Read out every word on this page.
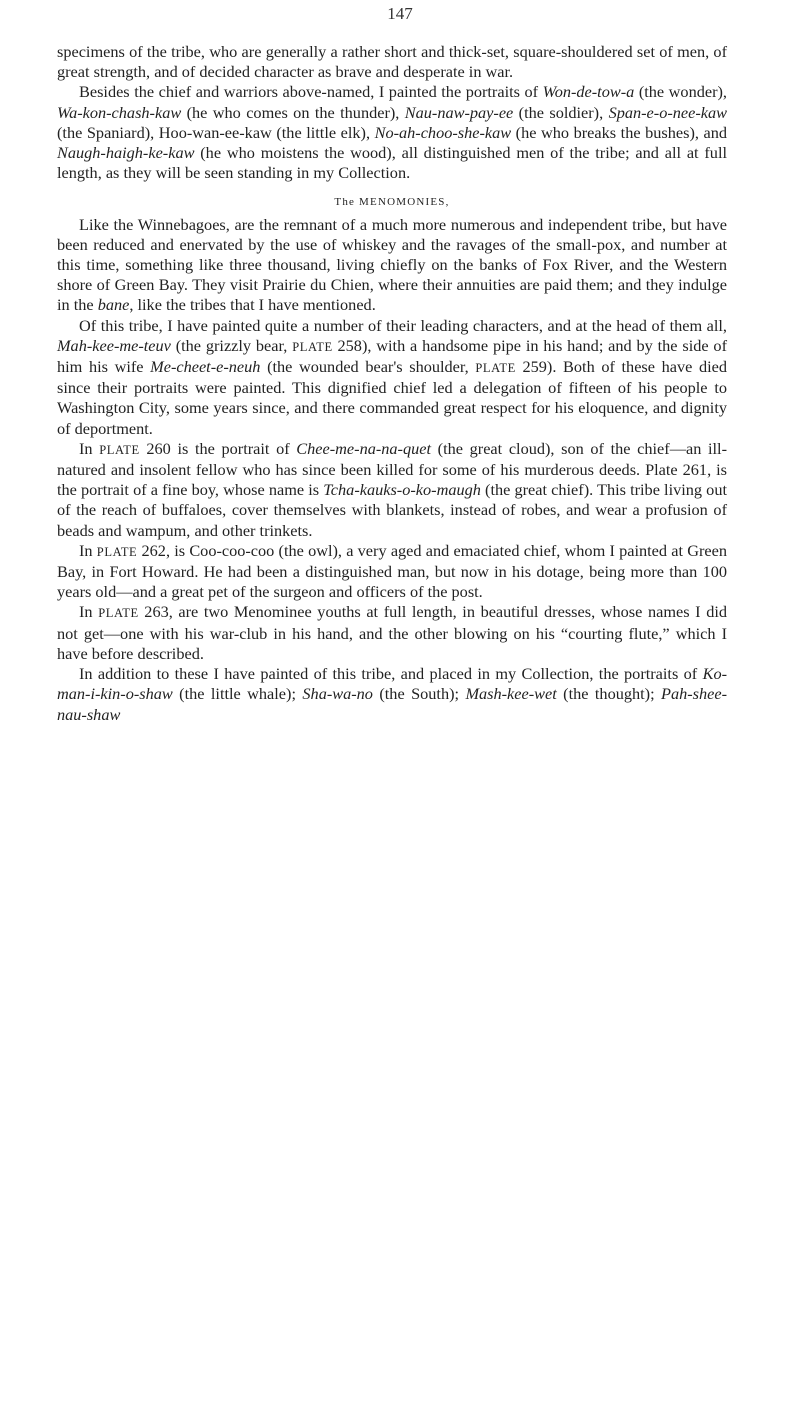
147

specimens of the tribe, who are generally a rather short and thick-set, square-shouldered set of men, of great strength, and of decided character as brave and desperate in war.

Besides the chief and warriors above-named, I painted the portraits of Won-de-tow-a (the wonder), Wa-kon-chash-kaw (he who comes on the thunder), Nau-naw-pay-ee (the soldier), Span-e-o-nee-kaw (the Spaniard), Hoo-wan-ee-kaw (the little elk), No-ah-choo-she-kaw (he who breaks the bushes), and Naugh-haigh-ke-kaw (he who moistens the wood), all distinguished men of the tribe; and all at full length, as they will be seen standing in my Collection.

The MENOMONIES,

Like the Winnebagoes, are the remnant of a much more numerous and independent tribe, but have been reduced and enervated by the use of whiskey and the ravages of the small-pox, and number at this time, something like three thousand, living chiefly on the banks of Fox River, and the Western shore of Green Bay. They visit Prairie du Chien, where their annuities are paid them; and they indulge in the bane, like the tribes that I have mentioned.

Of this tribe, I have painted quite a number of their leading characters, and at the head of them all, Mah-kee-me-teuv (the grizzly bear, PLATE 258), with a handsome pipe in his hand; and by the side of him his wife Me-cheet-e-neuh (the wounded bear's shoulder, PLATE 259). Both of these have died since their portraits were painted. This dignified chief led a delegation of fifteen of his people to Washington City, some years since, and there commanded great respect for his eloquence, and dignity of deportment.

In PLATE 260 is the portrait of Chee-me-na-na-quet (the great cloud), son of the chief—an ill-natured and insolent fellow who has since been killed for some of his murderous deeds. Plate 261, is the portrait of a fine boy, whose name is Tcha-kauks-o-ko-maugh (the great chief). This tribe living out of the reach of buffaloes, cover themselves with blankets, instead of robes, and wear a profusion of beads and wampum, and other trinkets.

In PLATE 262, is Coo-coo-coo (the owl), a very aged and emaciated chief, whom I painted at Green Bay, in Fort Howard. He had been a distinguished man, but now in his dotage, being more than 100 years old—and a great pet of the surgeon and officers of the post.

In PLATE 263, are two Menominee youths at full length, in beautiful dresses, whose names I did not get—one with his war-club in his hand, and the other blowing on his “courting flute,” which I have before described.

In addition to these I have painted of this tribe, and placed in my Collection, the portraits of Ko-man-i-kin-o-shaw (the little whale); Sha-wa-no (the South); Mash-kee-wet (the thought); Pah-shee-nau-shaw
